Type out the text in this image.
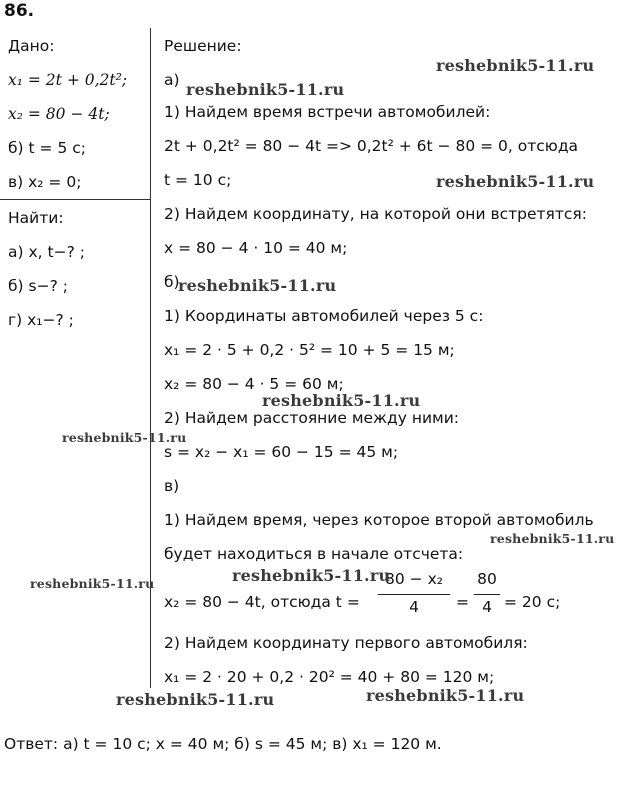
86.
Дано:
x₁ = 2t + 0,2t²;
x₂ = 80 − 4t;
б) t = 5 с;
в) x₂ = 0;
Найти:
а) x, t−? ;
б) s−? ;
г) x₁−? ;
Решение:
а)
1) Найдем время встречи автомобилей:
2t + 0,2t² = 80 − 4t => 0,2t² + 6t − 80 = 0, отсюда
t = 10 с;
2) Найдем координату, на которой они встретятся:
x = 80 − 4 · 10 = 40 м;
б)
1) Координаты автомобилей через 5 с:
x₁ = 2 · 5 + 0,2 · 5² = 10 + 5 = 15 м;
x₂ = 80 − 4 · 5 = 60 м;
2) Найдем расстояние между ними:
s = x₂ − x₁ = 60 − 15 = 45 м;
в)
1) Найдем время, через которое второй автомобиль
будет находиться в начале отсчета:
x₂ = 80 − 4t, отсюда t =
80 − x₂
4	=
80
4 = 20 с;
2) Найдем координату первого автомобиля:
x₁ = 2 · 20 + 0,2 · 20² = 40 + 80 = 120 м;
Ответ: а) t = 10 с; x = 40 м; б) s = 45 м; в) x₁ = 120 м.
reshebnik5-11.ru
reshebnik5-11.ru
reshebnik5-11.ru
reshebnik5-11.ru
reshebnik5-11.ru
reshebnik5-11.ru
reshebnik5-11.ru
reshebnik5-11.ru
reshebnik5-11.ru
reshebnik5-11.ru	reshebnik5-11.ru
